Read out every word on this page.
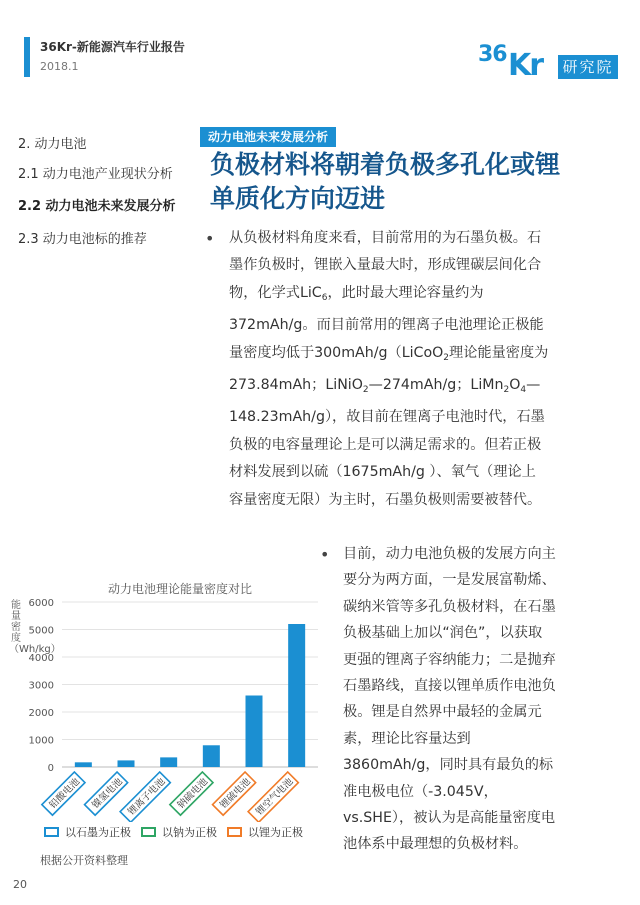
36Kr-新能源汽车行业报告
2018.1	36 Kr 研究院
2. 动力电池
2.1 动力电池产业现状分析
2.2 动力电池未来发展分析
2.3 动力电池标的推荐
动力电池未来发展分析
负极材料将朝着负极多孔化或锂
单质化方向迈进
• 从负极材料角度来看，目前常用的为石墨负极。石
墨作负极时，锂嵌入量最大时，形成锂碳层间化合
物，化学式LiC$_6$，此时最大理论容量约为
372mAh/g。而目前常用的锂离子电池理论正极能
量密度均低于300mAh/g（LiCoO$_2$理论能量密度为
273.84mAh；LiNiO$_2$—274mAh/g；$LiMn_2O_4—$
148.23mAh/g），故目前在锂离子电池时代，石墨
负极的电容量理论上是可以满足需求的。但若正极
材料发展到以硫（1675mAh/g ）、氧气（理论上
容量密度无限）为主时，石墨负极则需要被替代。
• 目前，动力电池负极的发展方向主
要分为两方面，一是发展富勒烯、
碳纳米管等多孔负极材料，在石墨
负极基础上加以“润色”，以获取
更强的锂离子容纳能力；二是抛弃
石墨路线，直接以锂单质作电池负
极。锂是自然界中最轻的金属元
素，理论比容量达到
3860mAh/g，同时具有最负的标
准电极电位（-3.045V，
vs.SHE），被认为是高能量密度电
池体系中最理想的负极材料。
动力电池理论能量密度对比
能量密度（Wh/kg）
0
1000
2000
3000
4000
5000
6000
铅酸电池 镍氢电池 锂离子电池 钠硫电池 锂硫电池 锂空气电池
以石墨为正极	以钠为正极	以锂为正极
根据公开资料整理
20
